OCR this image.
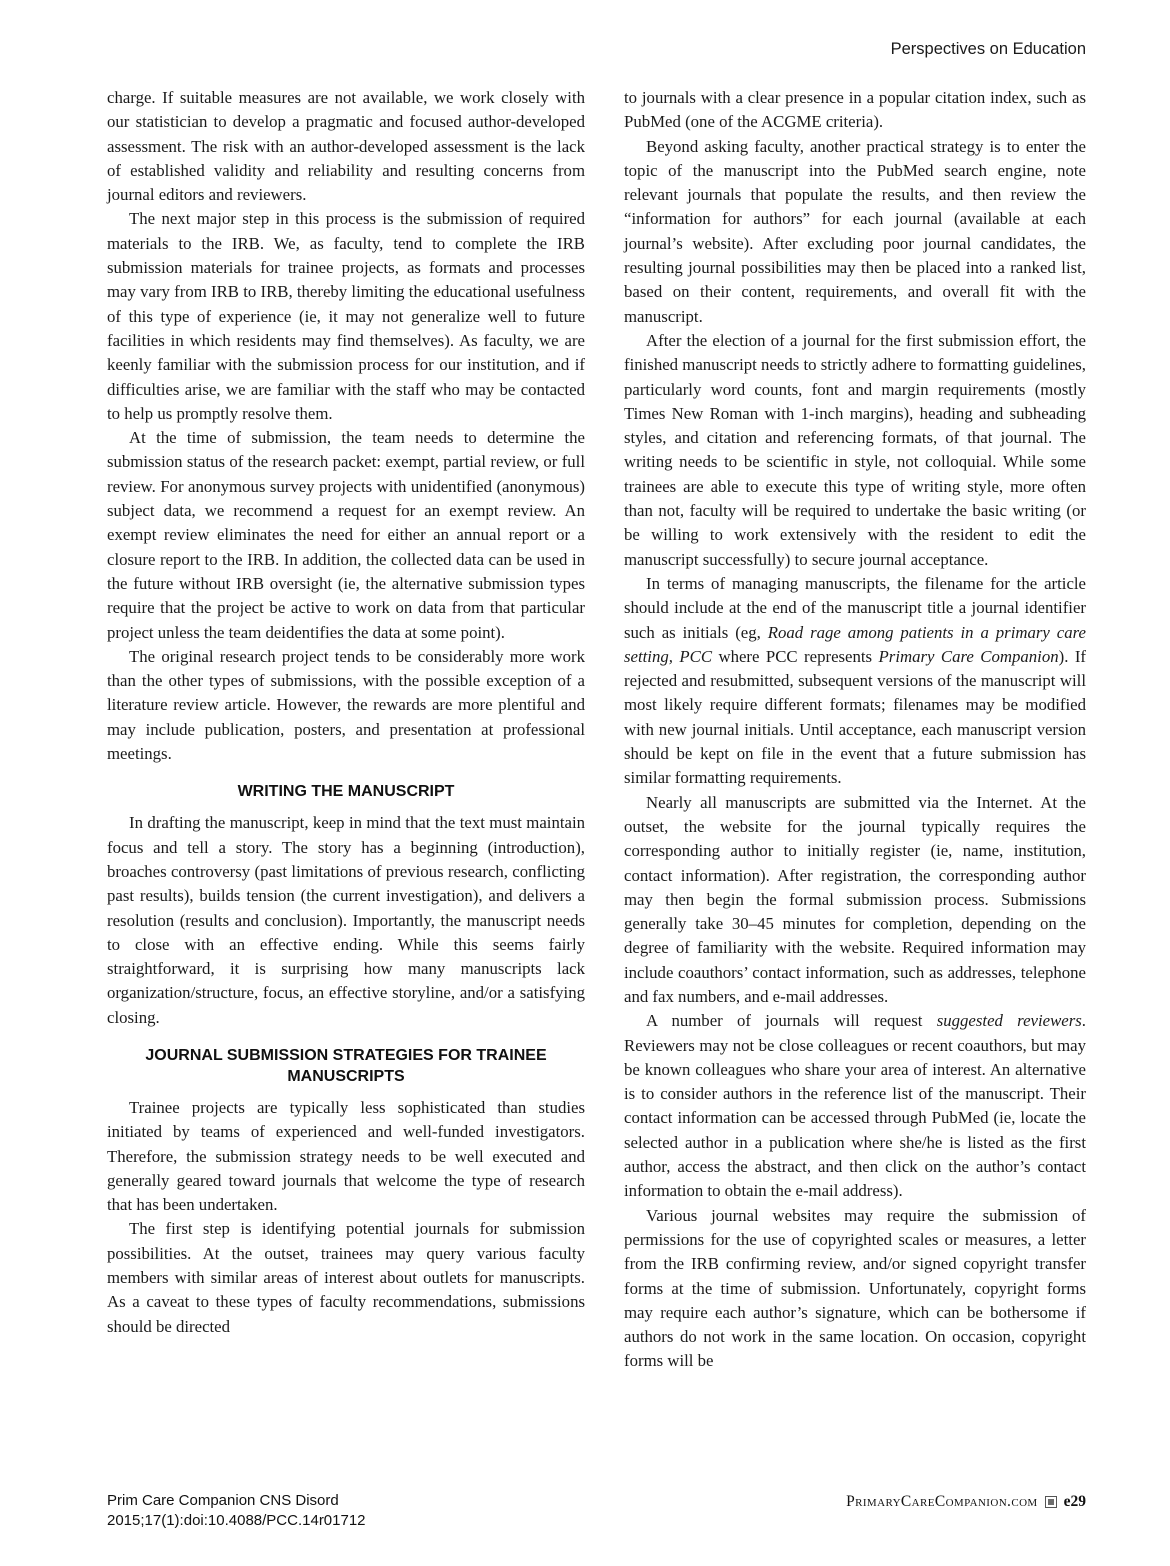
Perspectives on Education

charge. If suitable measures are not available, we work closely with our statistician to develop a pragmatic and focused author-developed assessment. The risk with an author-developed assessment is the lack of established validity and reliability and resulting concerns from journal editors and reviewers.

The next major step in this process is the submission of required materials to the IRB. We, as faculty, tend to complete the IRB submission materials for trainee projects, as formats and processes may vary from IRB to IRB, thereby limiting the educational usefulness of this type of experience (ie, it may not generalize well to future facilities in which residents may find themselves). As faculty, we are keenly familiar with the submission process for our institution, and if difficulties arise, we are familiar with the staff who may be contacted to help us promptly resolve them.

At the time of submission, the team needs to determine the submission status of the research packet: exempt, partial review, or full review. For anonymous survey projects with unidentified (anonymous) subject data, we recommend a request for an exempt review. An exempt review eliminates the need for either an annual report or a closure report to the IRB. In addition, the collected data can be used in the future without IRB oversight (ie, the alternative submission types require that the project be active to work on data from that particular project unless the team deidentifies the data at some point).

The original research project tends to be considerably more work than the other types of submissions, with the possible exception of a literature review article. However, the rewards are more plentiful and may include publication, posters, and presentation at professional meetings.

WRITING THE MANUSCRIPT

In drafting the manuscript, keep in mind that the text must maintain focus and tell a story. The story has a beginning (introduction), broaches controversy (past limitations of previous research, conflicting past results), builds tension (the current investigation), and delivers a resolution (results and conclusion). Importantly, the manuscript needs to close with an effective ending. While this seems fairly straightforward, it is surprising how many manuscripts lack organization/structure, focus, an effective storyline, and/or a satisfying closing.

JOURNAL SUBMISSION STRATEGIES FOR TRAINEE MANUSCRIPTS

Trainee projects are typically less sophisticated than studies initiated by teams of experienced and well-funded investigators. Therefore, the submission strategy needs to be well executed and generally geared toward journals that welcome the type of research that has been undertaken.

The first step is identifying potential journals for submission possibilities. At the outset, trainees may query various faculty members with similar areas of interest about outlets for manuscripts. As a caveat to these types of faculty recommendations, submissions should be directed

to journals with a clear presence in a popular citation index, such as PubMed (one of the ACGME criteria).

Beyond asking faculty, another practical strategy is to enter the topic of the manuscript into the PubMed search engine, note relevant journals that populate the results, and then review the “information for authors” for each journal (available at each journal’s website). After excluding poor journal candidates, the resulting journal possibilities may then be placed into a ranked list, based on their content, requirements, and overall fit with the manuscript.

After the election of a journal for the first submission effort, the finished manuscript needs to strictly adhere to formatting guidelines, particularly word counts, font and margin requirements (mostly Times New Roman with 1-inch margins), heading and subheading styles, and citation and referencing formats, of that journal. The writing needs to be scientific in style, not colloquial. While some trainees are able to execute this type of writing style, more often than not, faculty will be required to undertake the basic writing (or be willing to work extensively with the resident to edit the manuscript successfully) to secure journal acceptance.

In terms of managing manuscripts, the filename for the article should include at the end of the manuscript title a journal identifier such as initials (eg, Road rage among patients in a primary care setting, PCC where PCC represents Primary Care Companion). If rejected and resubmitted, subsequent versions of the manuscript will most likely require different formats; filenames may be modified with new journal initials. Until acceptance, each manuscript version should be kept on file in the event that a future submission has similar formatting requirements.

Nearly all manuscripts are submitted via the Internet. At the outset, the website for the journal typically requires the corresponding author to initially register (ie, name, institution, contact information). After registration, the corresponding author may then begin the formal submission process. Submissions generally take 30–45 minutes for completion, depending on the degree of familiarity with the website. Required information may include coauthors’ contact information, such as addresses, telephone and fax numbers, and e-mail addresses.

A number of journals will request suggested reviewers. Reviewers may not be close colleagues or recent coauthors, but may be known colleagues who share your area of interest. An alternative is to consider authors in the reference list of the manuscript. Their contact information can be accessed through PubMed (ie, locate the selected author in a publication where she/he is listed as the first author, access the abstract, and then click on the author’s contact information to obtain the e-mail address).

Various journal websites may require the submission of permissions for the use of copyrighted scales or measures, a letter from the IRB confirming review, and/or signed copyright transfer forms at the time of submission. Unfortunately, copyright forms may require each author’s signature, which can be bothersome if authors do not work in the same location. On occasion, copyright forms will be

Prim Care Companion CNS Disord
2015;17(1):doi:10.4088/PCC.14r01712
PrimaryCareCompanion.com e29
